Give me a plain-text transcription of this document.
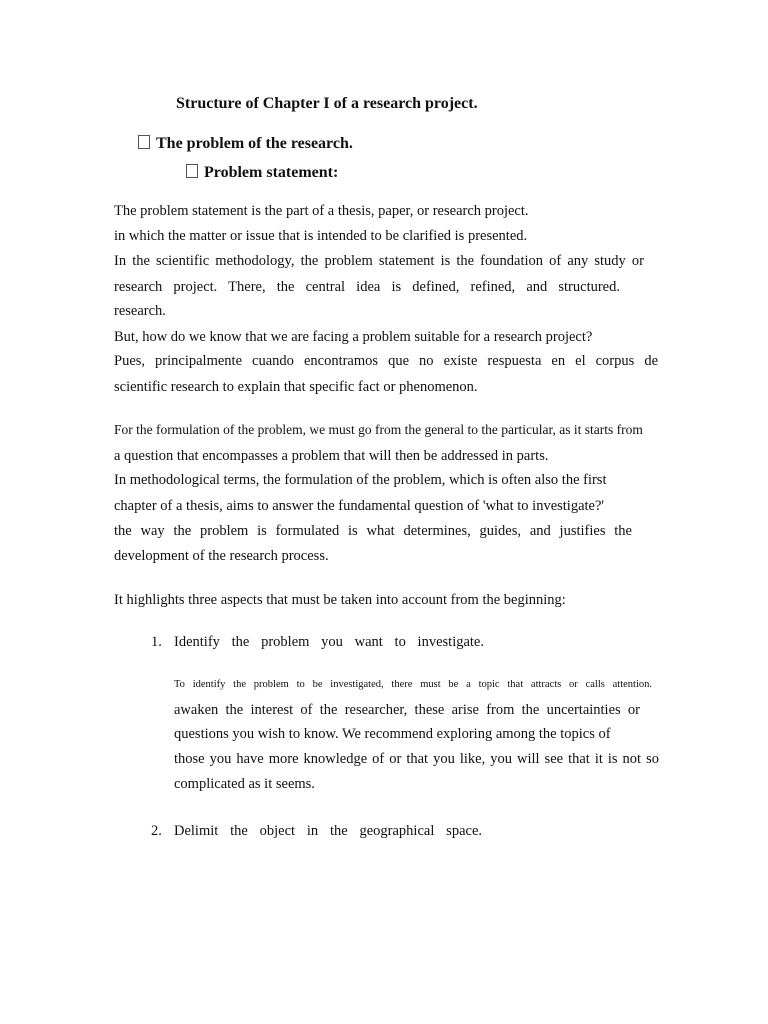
Structure of Chapter I of a research project.
The problem of the research.
Problem statement:
The problem statement is the part of a thesis, paper, or research project.
in which the matter or issue that is intended to be clarified is presented.
In the scientific methodology, the problem statement is the foundation of any study or
research project. There, the central idea is defined, refined, and structured.
research.
But, how do we know that we are facing a problem suitable for a research project?
Pues, principalmente cuando encontramos que no existe respuesta en el corpus de
scientific research to explain that specific fact or phenomenon.
For the formulation of the problem, we must go from the general to the particular, as it starts from
a question that encompasses a problem that will then be addressed in parts.
In methodological terms, the formulation of the problem, which is often also the first
chapter of a thesis, aims to answer the fundamental question of 'what to investigate?'
the way the problem is formulated is what determines, guides, and justifies the
development of the research process.
It highlights three aspects that must be taken into account from the beginning:
1. Identify the problem you want to investigate.
To identify the problem to be investigated, there must be a topic that attracts or calls attention.
awaken the interest of the researcher, these arise from the uncertainties or
questions you wish to know. We recommend exploring among the topics of
those you have more knowledge of or that you like, you will see that it is not so
complicated as it seems.
2. Delimit the object in the geographical space.
